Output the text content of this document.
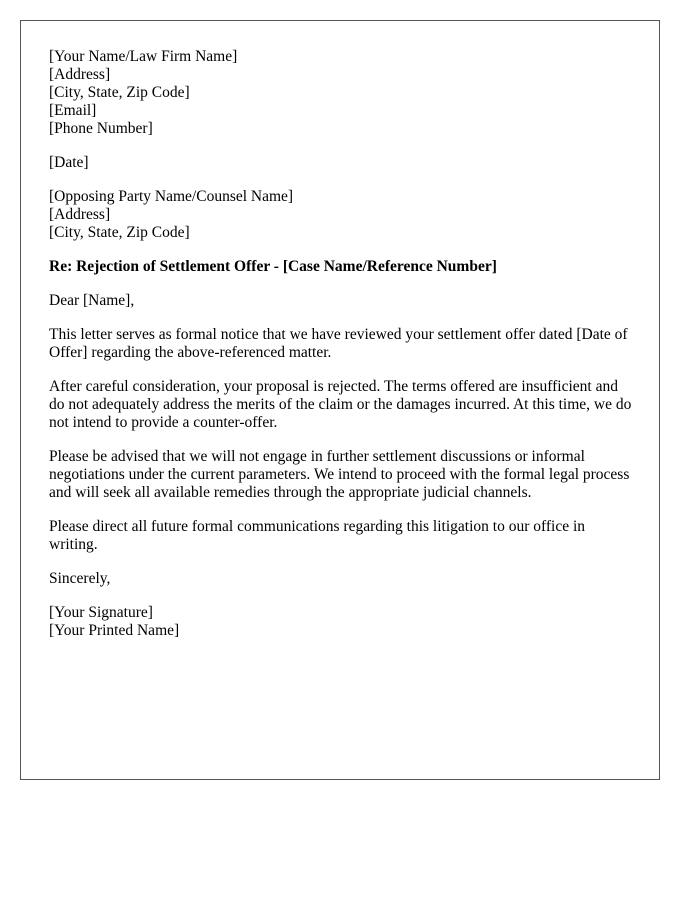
[Your Name/Law Firm Name]
[Address]
[City, State, Zip Code]
[Email]
[Phone Number]
[Date]
[Opposing Party Name/Counsel Name]
[Address]
[City, State, Zip Code]

Re: Rejection of Settlement Offer - [Case Name/Reference Number]

Dear [Name],

This letter serves as formal notice that we have reviewed your settlement offer dated [Date of Offer] regarding the above-referenced matter.

After careful consideration, your proposal is rejected. The terms offered are insufficient and do not adequately address the merits of the claim or the damages incurred. At this time, we do not intend to provide a counter-offer.

Please be advised that we will not engage in further settlement discussions or informal negotiations under the current parameters. We intend to proceed with the formal legal process and will seek all available remedies through the appropriate judicial channels.

Please direct all future formal communications regarding this litigation to our office in writing.

Sincerely,

[Your Signature]
[Your Printed Name]
